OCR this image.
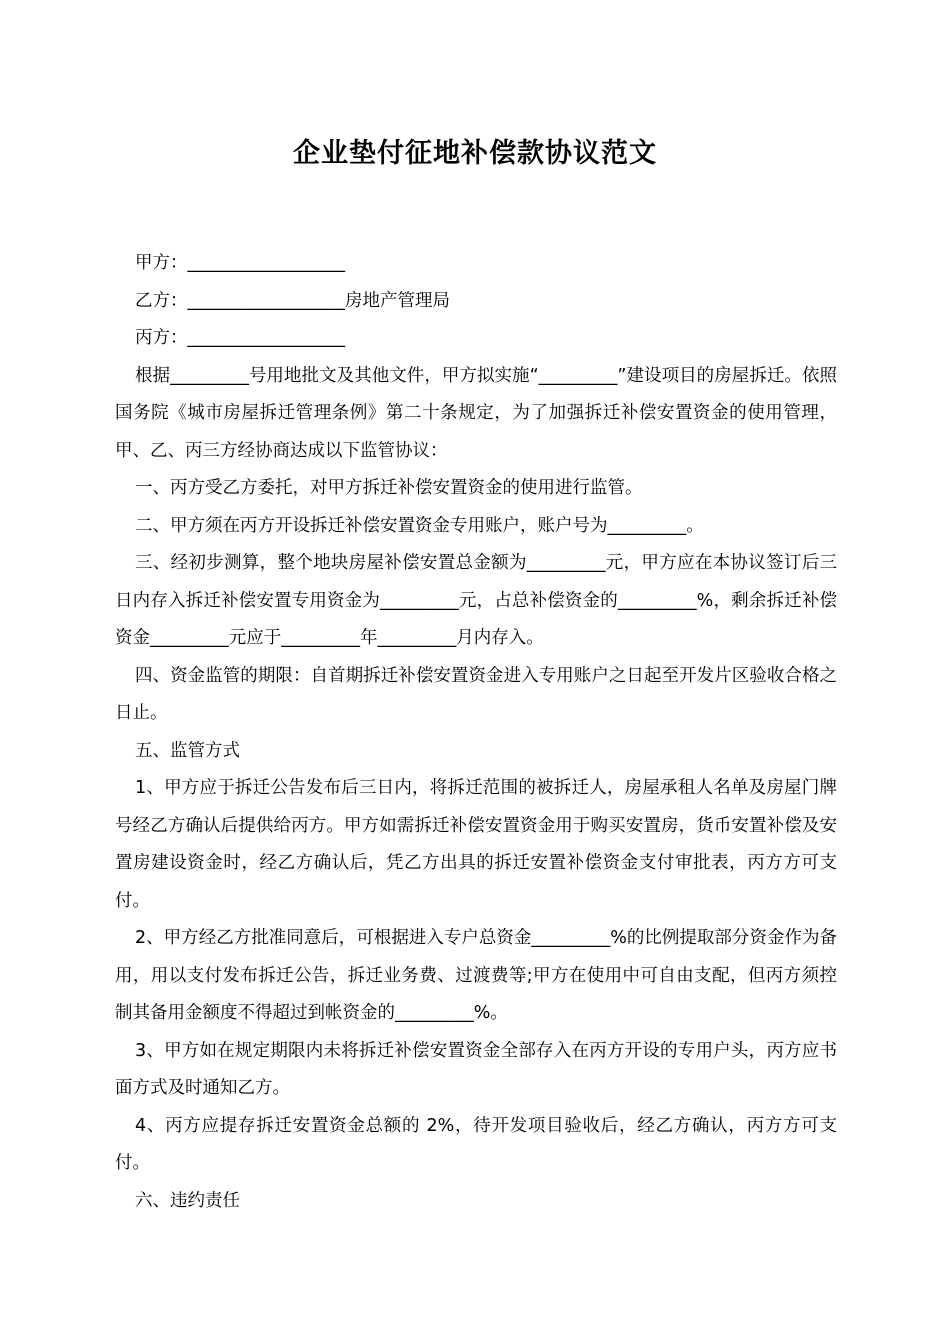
企业垫付征地补偿款协议范文

甲方：__________________

乙方：__________________房地产管理局

丙方：__________________

根据_________号用地批文及其他文件，甲方拟实施“_________”建设项目的房屋拆迁。依照国务院《城市房屋拆迁管理条例》第二十条规定，为了加强拆迁补偿安置资金的使用管理，甲、乙、丙三方经协商达成以下监管协议：

一、丙方受乙方委托，对甲方拆迁补偿安置资金的使用进行监管。

二、甲方须在丙方开设拆迁补偿安置资金专用账户，账户号为_________。

三、经初步测算，整个地块房屋补偿安置总金额为_________元，甲方应在本协议签订后三日内存入拆迁补偿安置专用资金为_________元，占总补偿资金的_________%，剩余拆迁补偿资金_________元应于_________年_________月内存入。

四、资金监管的期限：自首期拆迁补偿安置资金进入专用账户之日起至开发片区验收合格之日止。

五、监管方式

1、甲方应于拆迁公告发布后三日内，将拆迁范围的被拆迁人，房屋承租人名单及房屋门牌号经乙方确认后提供给丙方。甲方如需拆迁补偿安置资金用于购买安置房，货币安置补偿及安置房建设资金时，经乙方确认后，凭乙方出具的拆迁安置补偿资金支付审批表，丙方方可支付。

2、甲方经乙方批准同意后，可根据进入专户总资金_________%的比例提取部分资金作为备用，用以支付发布拆迁公告，拆迁业务费、过渡费等;甲方在使用中可自由支配，但丙方须控制其备用金额度不得超过到帐资金的_________%。

3、甲方如在规定期限内未将拆迁补偿安置资金全部存入在丙方开设的专用户头，丙方应书面方式及时通知乙方。

4、丙方应提存拆迁安置资金总额的 2%，待开发项目验收后，经乙方确认，丙方方可支付。

六、违约责任
